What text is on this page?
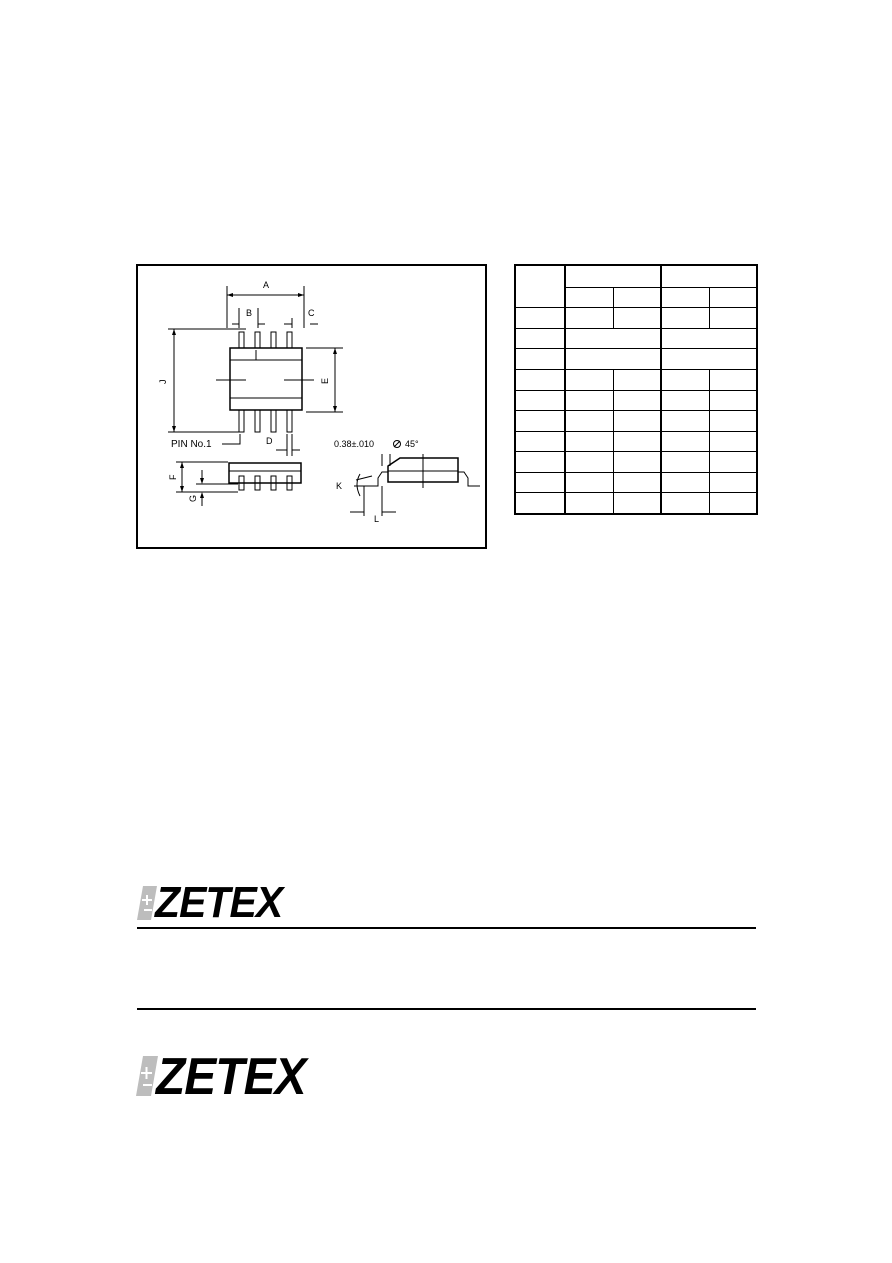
A
B	C
D
E
F
G
J
K
L
PIN No.1	0.38±.010	45°

ZETEX
ZETEX
